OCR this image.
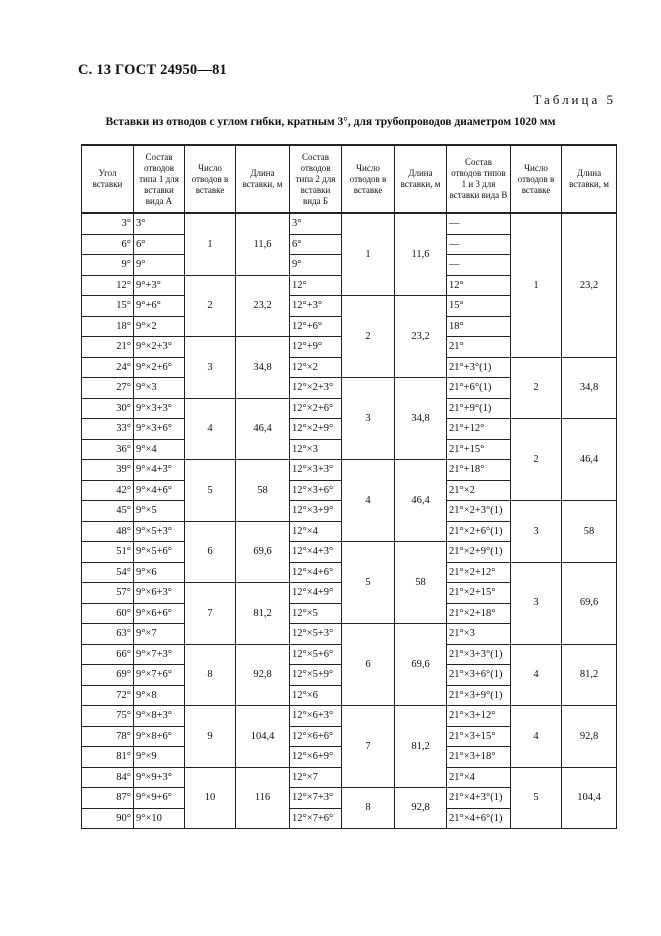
С. 13 ГОСТ 24950—81
Таблица 5
Вставки из отводов с углом гибки, кратным 3°, для трубопроводов диаметром 1020 мм
Угол вставки	Состав отводов типа 1 для вставки вида А	Число отводов в вставке	Длина вставки, м	Состав отводов типа 2 для вставки вида Б	Число отводов в вставке	Длина вставки, м	Состав отводов типов 1 и 3 для вставки вида В	Число отводов в вставке	Длина вставки, м
3°	3°	1	11,6	3°	1	11,6	—	1	23,2
6°	6°			6°			—		
9°	9°			9°			—		
12°	9°+3°	2	23,2	12°			12°		
15°	9°+6°			12°+3°	2	23,2	15°		
18°	9°×2			12°+6°			18°		
21°	9°×2+3°	3	34,8	12°+9°			21°		
24°	9°×2+6°			12°×2			21°+3°(1)	2	34,8
27°	9°×3			12°×2+3°	3	34,8	21°+6°(1)		
30°	9°×3+3°	4	46,4	12°×2+6°			21°+9°(1)		
33°	9°×3+6°			12°×2+9°			21°+12°	2	46,4
36°	9°×4			12°×3			21°+15°		
39°	9°×4+3°	5	58	12°×3+3°	4	46,4	21°+18°		
42°	9°×4+6°			12°×3+6°			21°×2		
45°	9°×5			12°×3+9°			21°×2+3°(1)	3	58
48°	9°×5+3°	6	69,6	12°×4			21°×2+6°(1)		
51°	9°×5+6°			12°×4+3°	5	58	21°×2+9°(1)		
54°	9°×6			12°×4+6°			21°×2+12°	3	69,6
57°	9°×6+3°	7	81,2	12°×4+9°			21°×2+15°		
60°	9°×6+6°			12°×5			21°×2+18°		
63°	9°×7			12°×5+3°	6	69,6	21°×3		
66°	9°×7+3°	8	92,8	12°×5+6°			21°×3+3°(1)	4	81,2
69°	9°×7+6°			12°×5+9°			21°×3+6°(1)		
72°	9°×8			12°×6			21°×3+9°(1)		
75°	9°×8+3°	9	104,4	12°×6+3°	7	81,2	21°×3+12°	4	92,8
78°	9°×8+6°			12°×6+6°			21°×3+15°		
81°	9°×9			12°×6+9°			21°×3+18°		
84°	9°×9+3°	10	116	12°×7			21°×4	5	104,4
87°	9°×9+6°			12°×7+3°	8	92,8	21°×4+3°(1)		
90°	9°×10			12°×7+6°			21°×4+6°(1)		
